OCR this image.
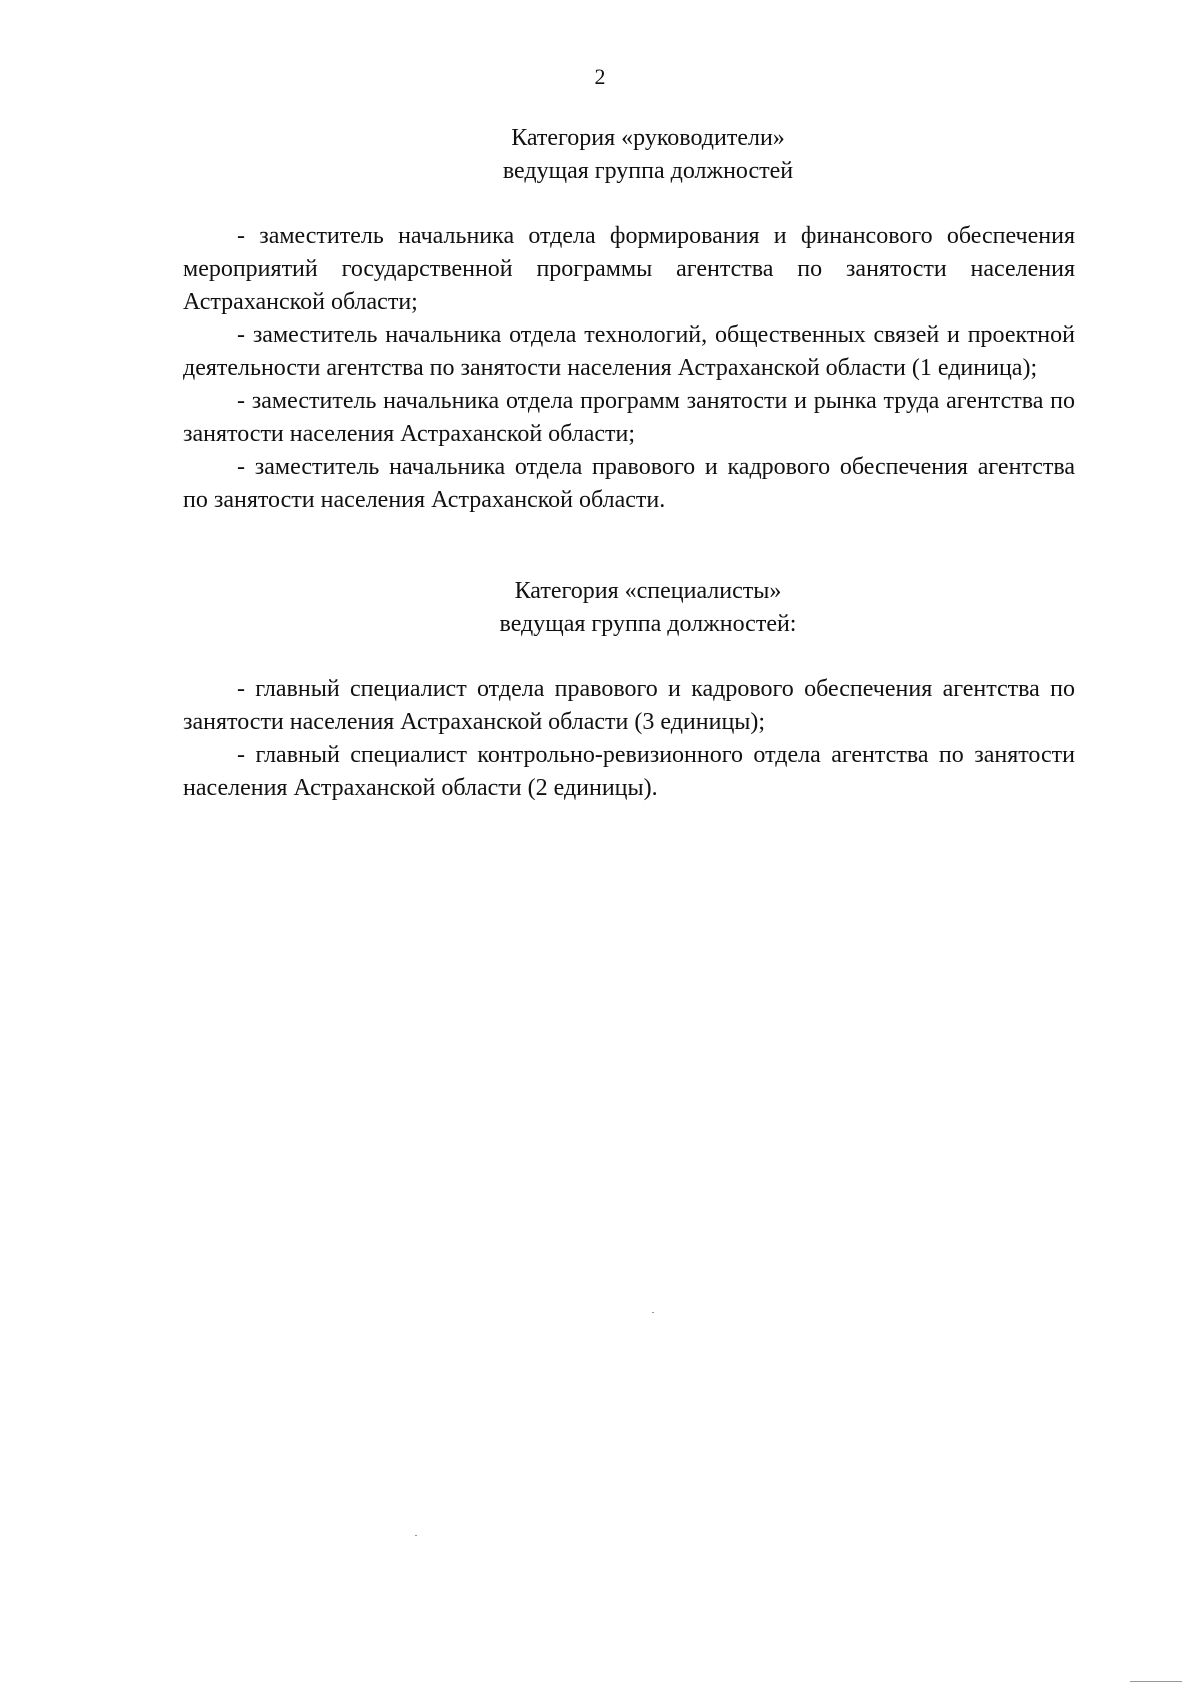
2

Категория «руководители»

ведущая группа должностей

- заместитель начальника отдела формирования и финансового обеспечения мероприятий государственной программы агентства по занятости населения Астраханской области;
- заместитель начальника отдела технологий, общественных связей и проектной деятельности агентства по занятости населения Астраханской области (1 единица);
- заместитель начальника отдела программ занятости и рынка труда агентства по занятости населения Астраханской области;
- заместитель начальника отдела правового и кадрового обеспечения агентства по занятости населения Астраханской области.

Категория «специалисты»

ведущая группа должностей:

- главный специалист отдела правового и кадрового обеспечения агентства по занятости населения Астраханской области (3 единицы);
- главный специалист контрольно-ревизионного отдела агентства по занятости населения Астраханской области (2 единицы).
